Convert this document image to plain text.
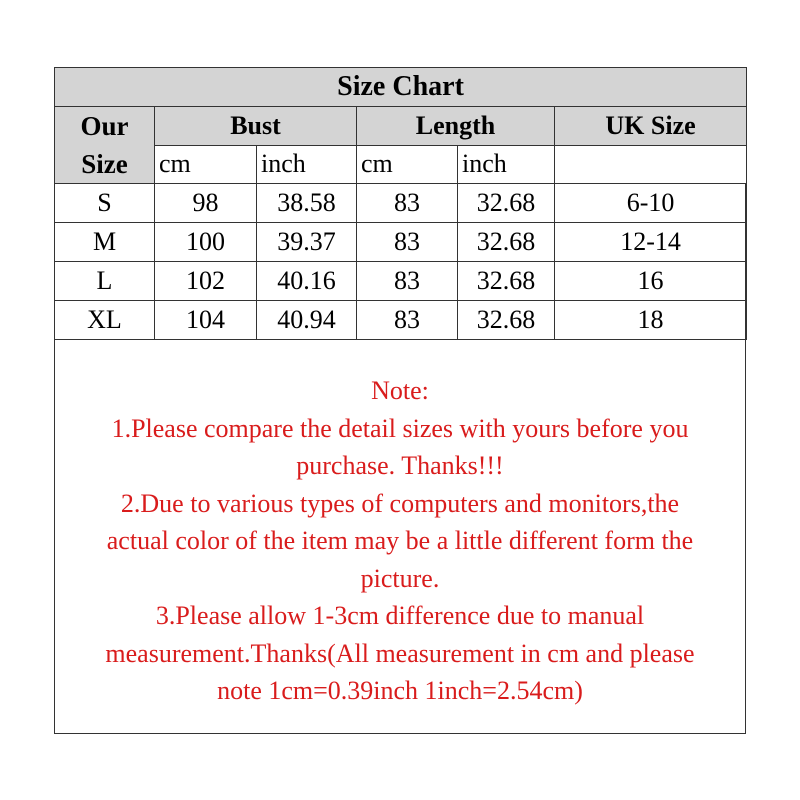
Size Chart					
Our
Size	Bust		Length		UK Size
	cm	inch	cm	inch	
S	98	38.58	83	32.68	6-10
M	100	39.37	83	32.68	12-14
L	102	40.16	83	32.68	16
XL	104	40.94	83	32.68	18
Note:
1.Please compare the detail sizes with yours before you
purchase. Thanks!!!
2.Due to various types of computers and monitors,the
actual color of the item may be a little different form the
picture.
3.Please allow 1-3cm difference due to manual
measurement.Thanks(All measurement in cm and please
note 1cm=0.39inch 1inch=2.54cm)
